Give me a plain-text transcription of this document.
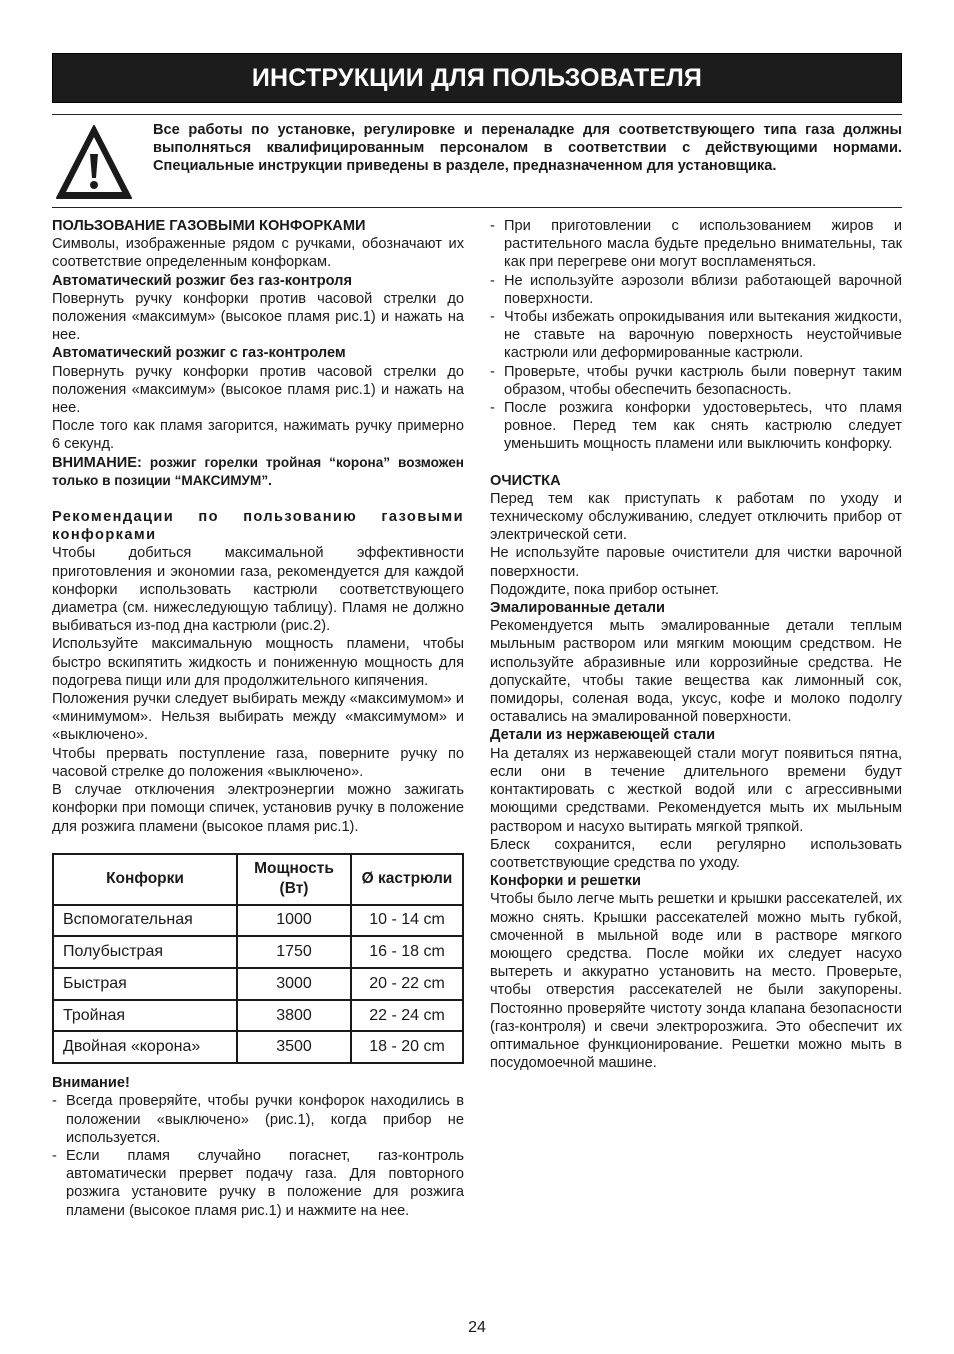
ИНСТРУКЦИИ ДЛЯ ПОЛЬЗОВАТЕЛЯ

Все работы по установке, регулировке и переналадке для соответствующего типа газа должны выполняться квалифицированным персоналом в соответствии с действующими нормами. Специальные инструкции приведены в разделе, предназначенном для установщика.

ПОЛЬЗОВАНИЕ ГАЗОВЫМИ КОНФОРКАМИ

Символы, изображенные рядом с ручками, обозначают их соответствие определенным конфоркам.

Автоматический розжиг без газ-контроля

Повернуть ручку конфорки против часовой стрелки до положения «максимум» (высокое пламя рис.1) и нажать на нее.

Автоматический розжиг с газ-контролем

Повернуть ручку конфорки против часовой стрелки до положения «максимум» (высокое пламя рис.1) и нажать на нее.

После того как пламя загорится, нажимать ручку примерно 6 секунд.

ВНИМАНИЕ: розжиг горелки тройная “корона” возможен только в позиции “МАКСИМУМ”.

Рекомендации по пользованию газовыми конфорками

Чтобы добиться максимальной эффективности приготовления и экономии газа, рекомендуется для каждой конфорки использовать кастрюли соответствующего диаметра (см. нижеследующую таблицу). Пламя не должно выбиваться из-под дна кастрюли (рис.2).

Используйте максимальную мощность пламени, чтобы быстро вскипятить жидкость и пониженную мощность для подогрева пищи или для продолжительного кипячения.

Положения ручки следует выбирать между «максимумом» и «минимумом». Нельзя выбирать между «максимумом» и «выключено».

Чтобы прервать поступление газа, поверните ручку по часовой стрелке до положения «выключено».

В случае отключения электроэнергии можно зажигать конфорки при помощи спичек, установив ручку в положение для розжига пламени (высокое пламя рис.1).

Конфорки	Мощность (Вт)	Ø кастрюли
Вспомогательная	1000	10 - 14 cm
Полубыстрая	1750	16 - 18 cm
Быстрая	3000	20 - 22 cm
Тройная	3800	22 - 24 cm
Двойная «корона»	3500	18 - 20 cm

Внимание!

- Всегда проверяйте, чтобы ручки конфорок находились в положении «выключено» (рис.1), когда прибор не используется.
- Если пламя случайно погаснет, газ-контроль автоматически прервет подачу газа. Для повторного розжига установите ручку в положение для розжига пламени (высокое пламя рис.1) и нажмите на нее.
- При приготовлении с использованием жиров и растительного масла будьте предельно внимательны, так как при перегреве они могут воспламеняться.
- Не используйте аэрозоли вблизи работающей варочной поверхности.
- Чтобы избежать опрокидывания или вытекания жидкости, не ставьте на варочную поверхность неустойчивые кастрюли или деформированные кастрюли.
- Проверьте, чтобы ручки кастрюль были повернут таким образом, чтобы обеспечить безопасность.
- После розжига конфорки удостоверьтесь, что пламя ровное. Перед тем как снять кастрюлю следует уменьшить мощность пламени или выключить конфорку.

ОЧИСТКА

Перед тем как приступать к работам по уходу и техническому обслуживанию, следует отключить прибор от электрической сети.

Не используйте паровые очистители для чистки варочной поверхности.

Подождите, пока прибор остынет.

Эмалированные детали

Рекомендуется мыть эмалированные детали теплым мыльным раствором или мягким моющим средством. Не используйте абразивные или коррозийные средства. Не допускайте, чтобы такие вещества как лимонный сок, помидоры, соленая вода, уксус, кофе и молоко подолгу оставались на эмалированной поверхности.

Детали из нержавеющей стали

На деталях из нержавеющей стали могут появиться пятна, если они в течение длительного времени будут контактировать с жесткой водой или с агрессивными моющими средствами. Рекомендуется мыть их мыльным раствором и насухо вытирать мягкой тряпкой.

Блеск сохранится, если регулярно использовать соответствующие средства по уходу.

Конфорки и решетки

Чтобы было легче мыть решетки и крышки рассекателей, их можно снять. Крышки рассекателей можно мыть губкой, смоченной в мыльной воде или в растворе мягкого моющего средства. После мойки их следует насухо вытереть и аккуратно установить на место. Проверьте, чтобы отверстия рассекателей не были закупорены. Постоянно проверяйте чистоту зонда клапана безопасности (газ-контроля) и свечи электророзжига. Это обеспечит их оптимальное функционирование. Решетки можно мыть в посудомоечной машине.

24
